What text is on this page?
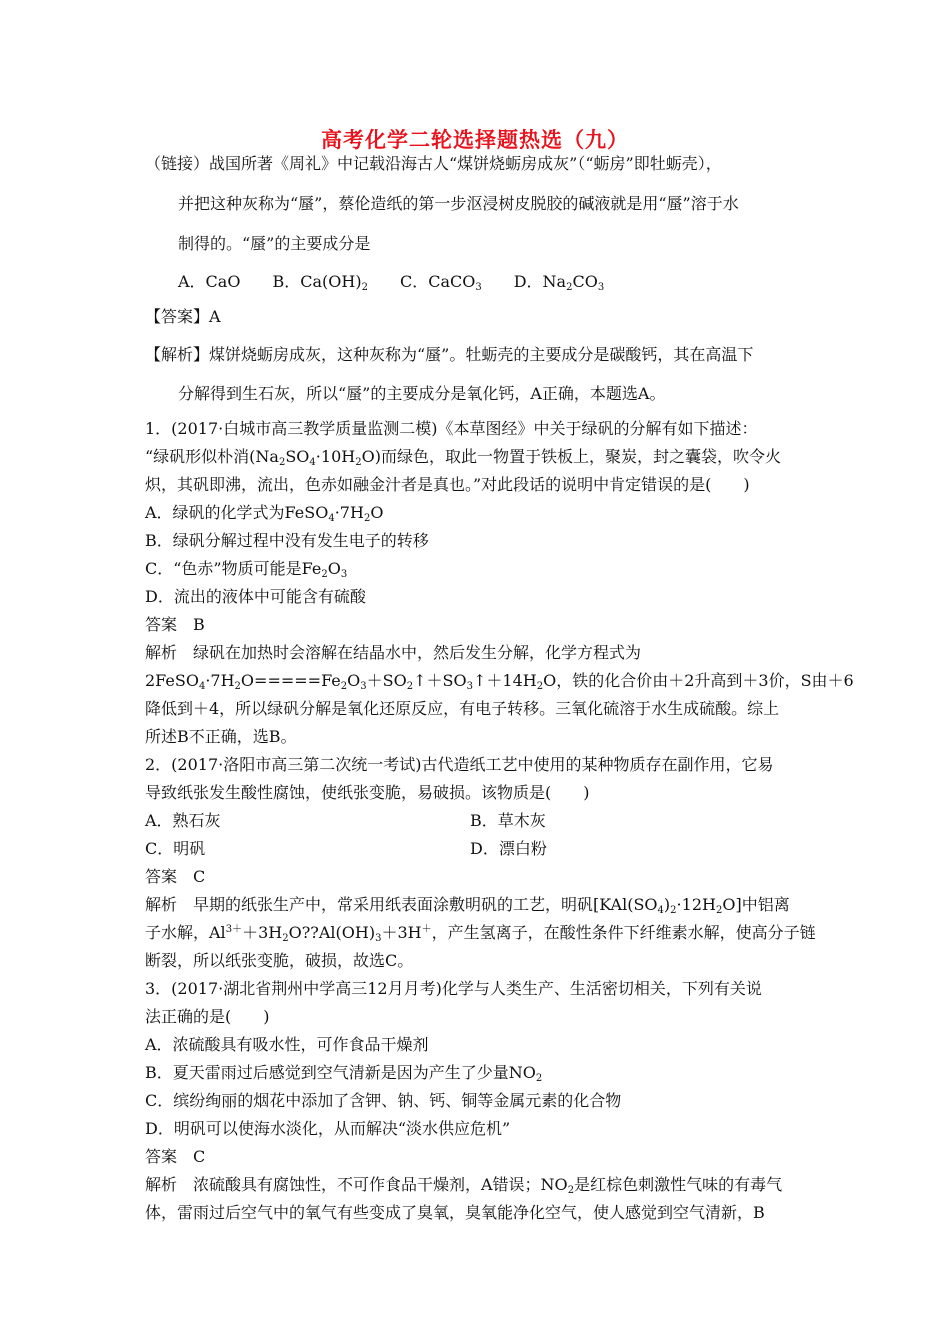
高考化学二轮选择题热选（九）
（链接）战国所著《周礼》中记载沿海古人“煤饼烧蛎房成灰”（“蛎房”即牡蛎壳），
并把这种灰称为“蜃”，蔡伦造纸的第一步沤浸树皮脱胶的碱液就是用“蜃”溶于水
制得的。“蜃”的主要成分是
A．CaO B．$Ca(OH)_2$ C．CaCO$_3$ D．$Na_2CO_3$
【答案】A
【解析】煤饼烧蛎房成灰，这种灰称为“蜃”。牡蛎壳的主要成分是碳酸钙，其在高温下
分解得到生石灰，所以“蜃”的主要成分是氧化钙，A正确，本题选A。
1．(2017·白城市高三教学质量监测二模)《本草图经》中关于绿矾的分解有如下描述：
“绿矾形似朴消$(Na_2SO_4\cdot 10H_2O)$而绿色，取此一物置于铁板上，聚炭，封之囊袋，吹令火
炽，其矾即沸，流出，色赤如融金汁者是真也。”对此段话的说明中肯定错误的是(　　)
A．绿矾的化学式为$FeSO_4\cdot 7H_2O$
B．绿矾分解过程中没有发生电子的转移
C．“色赤”物质可能是$Fe_2O_3$
D．流出的液体中可能含有硫酸
答案　B
解析　绿矾在加热时会溶解在结晶水中，然后发生分解，化学方程式为
$2FeSO_4\cdot 7H_2O=====Fe_2O_3+SO_2↑+SO_3↑+14H_2O$，铁的化合价由＋2升高到＋3价，S由＋6
降低到＋4，所以绿矾分解是氧化还原反应，有电子转移。三氧化硫溶于水生成硫酸。综上
所述B不正确，选B。
2．(2017·洛阳市高三第二次统一考试)古代造纸工艺中使用的某种物质存在副作用，它易
导致纸张发生酸性腐蚀，使纸张变脆，易破损。该物质是(　　)
A．熟石灰	B．草木灰
C．明矾	D．漂白粉
答案　C
解析　早期的纸张生产中，常采用纸表面涂敷明矾的工艺，明矾$[KAl(SO_4)_2\cdot 12H_2O]$中铝离
子水解，$Al^{3+}+3H_2O??Al(OH)_3+3H^+$，产生氢离子，在酸性条件下纤维素水解，使高分子链
断裂，所以纸张变脆，破损，故选C。
3．(2017·湖北省荆州中学高三12月月考)化学与人类生产、生活密切相关，下列有关说
法正确的是(　　)
A．浓硫酸具有吸水性，可作食品干燥剂
B．夏天雷雨过后感觉到空气清新是因为产生了少量$NO_2$
C．缤纷绚丽的烟花中添加了含钾、钠、钙、铜等金属元素的化合物
D．明矾可以使海水淡化，从而解决“淡水供应危机”
答案　C
解析　浓硫酸具有腐蚀性，不可作食品干燥剂，A错误；$NO_2$是红棕色刺激性气味的有毒气
体，雷雨过后空气中的氧气有些变成了臭氧，臭氧能净化空气，使人感觉到空气清新，B
